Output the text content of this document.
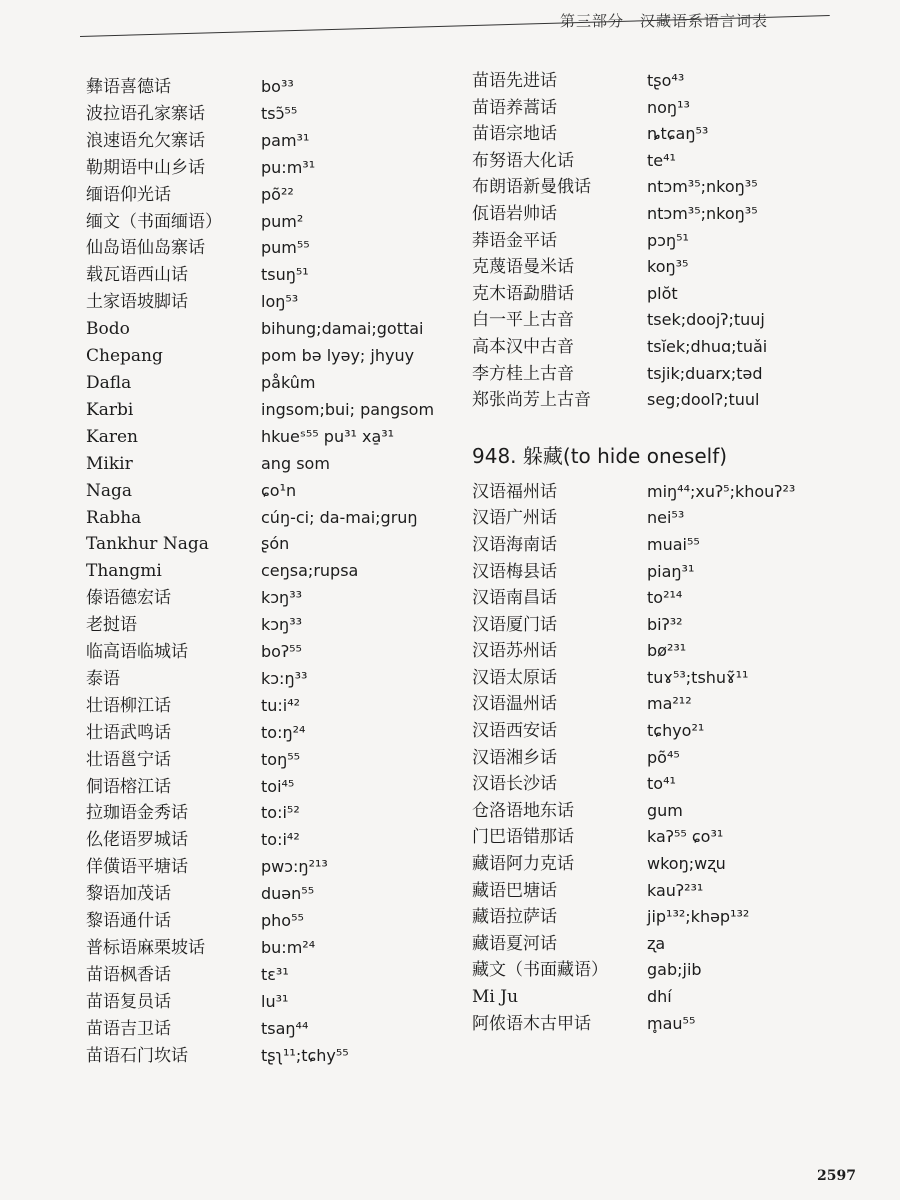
第三部分　汉藏语系语言词表
彝语喜德话	bo³³
波拉语孔家寨话	tsɔ̃⁵⁵
浪速语允欠寨话	pam³¹
勒期语中山乡话	pu:m³¹
缅语仰光话	põ²²
缅文（书面缅语）	pum²
仙岛语仙岛寨话	pum⁵⁵
载瓦语西山话	tsuŋ⁵¹
土家语坡脚话	loŋ⁵³
Bodo	bihung;damai;gottai
Chepang	pom bə lyəy; jhyuy
Dafla	påkûm
Karbi	ingsom;bui; pangsom
Karen	hkueˢ⁵⁵ pu³¹ xa̱³¹
Mikir	ang som
Naga	ɕo¹n
Rabha	cúŋ-ci; da-mai;gruŋ
Tankhur Naga	ʂón
Thangmi	ceŋsa;rupsa
傣语德宏话	kɔŋ³³
老挝语	kɔŋ³³
临高语临城话	boʔ⁵⁵
泰语	kɔ:ŋ³³
壮语柳江话	tu:i⁴²
壮语武鸣话	to:ŋ²⁴
壮语邕宁话	toŋ⁵⁵
侗语榕江话	toi⁴⁵
拉珈语金秀话	to:i⁵²
仫佬语罗城话	to:i⁴²
佯僙语平塘话	pwɔ:ŋ²¹³
黎语加茂话	duən⁵⁵
黎语通什话	pho⁵⁵
普标语麻栗坡话	bu:m²⁴
苗语枫香话	tɛ³¹
苗语复员话	lu³¹
苗语吉卫话	tsaŋ⁴⁴
苗语石门坎话	tʂʅ¹¹;tɕhy⁵⁵
苗语先进话	tʂo⁴³
苗语养蒿话	noŋ¹³
苗语宗地话	ȵtɕaŋ⁵³
布努语大化话	te⁴¹
布朗语新曼俄话	ntɔm³⁵;nkoŋ³⁵
佤语岩帅话	ntɔm³⁵;nkoŋ³⁵
莽语金平话	pɔŋ⁵¹
克蔑语曼米话	koŋ³⁵
克木语勐腊话	plŏt
白一平上古音	tsek;doojʔ;tuuj
高本汉中古音	tsĭek;dhuɑ;tuǎi
李方桂上古音	tsjik;duarx;təd
郑张尚芳上古音	seg;doolʔ;tuul
948. 躲藏(to hide oneself)
汉语福州话	miŋ⁴⁴;xuʔ⁵;khouʔ²³
汉语广州话	nei⁵³
汉语海南话	muai⁵⁵
汉语梅县话	piaŋ³¹
汉语南昌话	to²¹⁴
汉语厦门话	biʔ³²
汉语苏州话	bø²³¹
汉语太原话	tuɤ⁵³;tshuɤ̃¹¹
汉语温州话	ma²¹²
汉语西安话	tɕhyo²¹
汉语湘乡话	põ⁴⁵
汉语长沙话	to⁴¹
仓洛语地东话	gum
门巴语错那话	kaʔ⁵⁵ ɕo³¹
藏语阿力克话	wkoŋ;wʐu
藏语巴塘话	kauʔ²³¹
藏语拉萨话	jip¹³²;khəp¹³²
藏语夏河话	ʐa
藏文（书面藏语）	gab;jib
Mi Ju	dhí
阿侬语木古甲话	m̥au⁵⁵
2597
